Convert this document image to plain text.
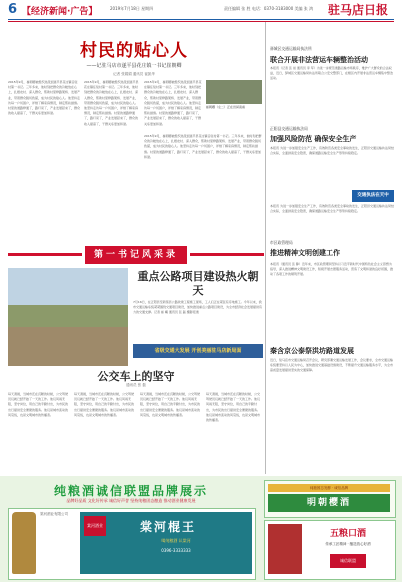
6 【经济新闻·广告】	2019年7月18日 星期四	责任编辑 张 胜 电话：0370-3183000 美编 张 鸿 驻马店日报
村民的贴心人
——记驻马店市遂平县花庄镇一书记崔朝卿
记者 张娟娟 通讯员 崔凯华
2015年9月，崔朝卿被组织选派到遂平县花庄镇任驻村第一书记。三年多来，他时刻把群众的冷暖放在心上，扎根农村、深入群众，帮助村里修路架桥、发展产业，带领群众脱贫致富，成为村民的贴心人。他坚持走访每一户贫困户，详细了解家庭情况，制定帮扶措施。村里的道路修通了，路灯亮了，产业发展起来了，群众的收入提高了，干群关系更加和谐。
2015年9月，崔朝卿被组织选派到遂平县花庄镇任驻村第一书记。三年多来，他时刻把群众的冷暖放在心上，扎根农村、深入群众，帮助村里修路架桥、发展产业，带领群众脱贫致富，成为村民的贴心人。他坚持走访每一户贫困户，详细了解家庭情况，制定帮扶措施。村里的道路修通了，路灯亮了，产业发展起来了，群众的收入提高了，干群关系更加和谐。
2015年9月，崔朝卿被组织选派到遂平县花庄镇任驻村第一书记。三年多来，他时刻把群众的冷暖放在心上，扎根农村、深入群众，帮助村里修路架桥、发展产业，带领群众脱贫致富，成为村民的贴心人。他坚持走访每一户贫困户，详细了解家庭情况，制定帮扶措施。村里的道路修通了，路灯亮了，产业发展起来了，群众的收入提高了，干群关系更加和谐。
崔朝卿（左二）正在田间查看
2015年9月，崔朝卿被组织选派到遂平县花庄镇任驻村第一书记。三年多来，他时刻把群众的冷暖放在心上，扎根农村、深入群众，帮助村里修路架桥、发展产业，带领群众脱贫致富，成为村民的贴心人。他坚持走访每一户贫困户，详细了解家庭情况，制定帮扶措施。村里的道路修通了，路灯亮了，产业发展起来了，群众的收入提高了，干群关系更加和谐。
第一书记风采录
重点公路项目建设热火朝天
7月16日，在正阳县至新蔡县公路改建工程施工现场，工人们正在紧张有序地施工。今年以来，我市交通运输系统紧紧围绕交通项目建设，加快推进重点公路项目建设，为全市经济社会发展提供有力的交通支撑。记者 崔 曦 通讯员 张 磊 摄影报道
省级交通大发展 开创美丽驻马店新局面
公交车上的坚守
通讯员 张 磊
每天清晨，当城市还在沉睡的时候，公交驾驶员们就已经开始了一天的工作。他们风雨无阻，坚守岗位，用自己的辛勤付出，为市民的出行提供安全便捷的服务。他们是城市流动的风景线，也是文明城市的传播者。
每天清晨，当城市还在沉睡的时候，公交驾驶员们就已经开始了一天的工作。他们风雨无阻，坚守岗位，用自己的辛勤付出，为市民的出行提供安全便捷的服务。他们是城市流动的风景线，也是文明城市的传播者。
每天清晨，当城市还在沉睡的时候，公交驾驶员们就已经开始了一天的工作。他们风雨无阻，坚守岗位，用自己的辛勤付出，为市民的出行提供安全便捷的服务。他们是城市流动的风景线，也是文明城市的传播者。
每天清晨，当城市还在沉睡的时候，公交驾驶员们就已经开始了一天的工作。他们风雨无阻，坚守岗位，用自己的辛勤付出，为市民的出行提供安全便捷的服务。他们是城市流动的风景线，也是文明城市的传播者。
驿城区交通运输局执法所
联合开展非法营运车辆整治活动
本报讯（记者 张 旭 通讯员 李 军）为进一步规范道路运输市场秩序，维护广大群众的合法权益，近日，驿城区交通运输局执法所联合公安交警部门，在辖区内开展非法营运车辆集中整治活动。
正阳县交通运输执法局
加强风险防范 确保安全生产
本报讯 为进一步加强安全生产工作，有效防范各类安全事故的发生，正阳县交通运输执法局结合实际，全面排查安全隐患，确保道路运输安全生产形势持续稳定。
交通执法在天中
本报讯 为进一步加强安全生产工作，有效防范各类安全事故的发生，正阳县交通运输执法局结合实际，全面排查安全隐患，确保道路运输安全生产形势持续稳定。
市区政管理局
推进精神文明创建工作
本报讯（通讯员 张 静）近年来，市区政管理局坚持以习近平新时代中国特色社会主义思想为指导，深入推进精神文明建设工作，积极开展志愿服务活动，营造了文明和谐的良好氛围，推动了各项工作的顺利开展。
秦含京公泰祭洪坊路道发展
近日，驻马店市交通运输局召开会议，研究部署交通运输发展工作，会议要求，全市交通运输系统要坚持以人民为中心，加快推进交通基础设施建设，不断提升交通运输服务水平，为全市高质量发展提供坚实的交通保障。
纯粮酒诚信联盟品牌展示
品牌好品质 文化好传承 诚信好声誉 坚持纯粮固态酿造 推动酒业健康发展
棠河酒业有限公司
棠河棍王
棠河酒业
喝纯粮酒 认棠河
0396-3333333
纯粮固态发酵 · 诚信品牌
明朝樱酒
五粮口酒
传承工匠精神 · 酿造放心好酒
诚信联盟
